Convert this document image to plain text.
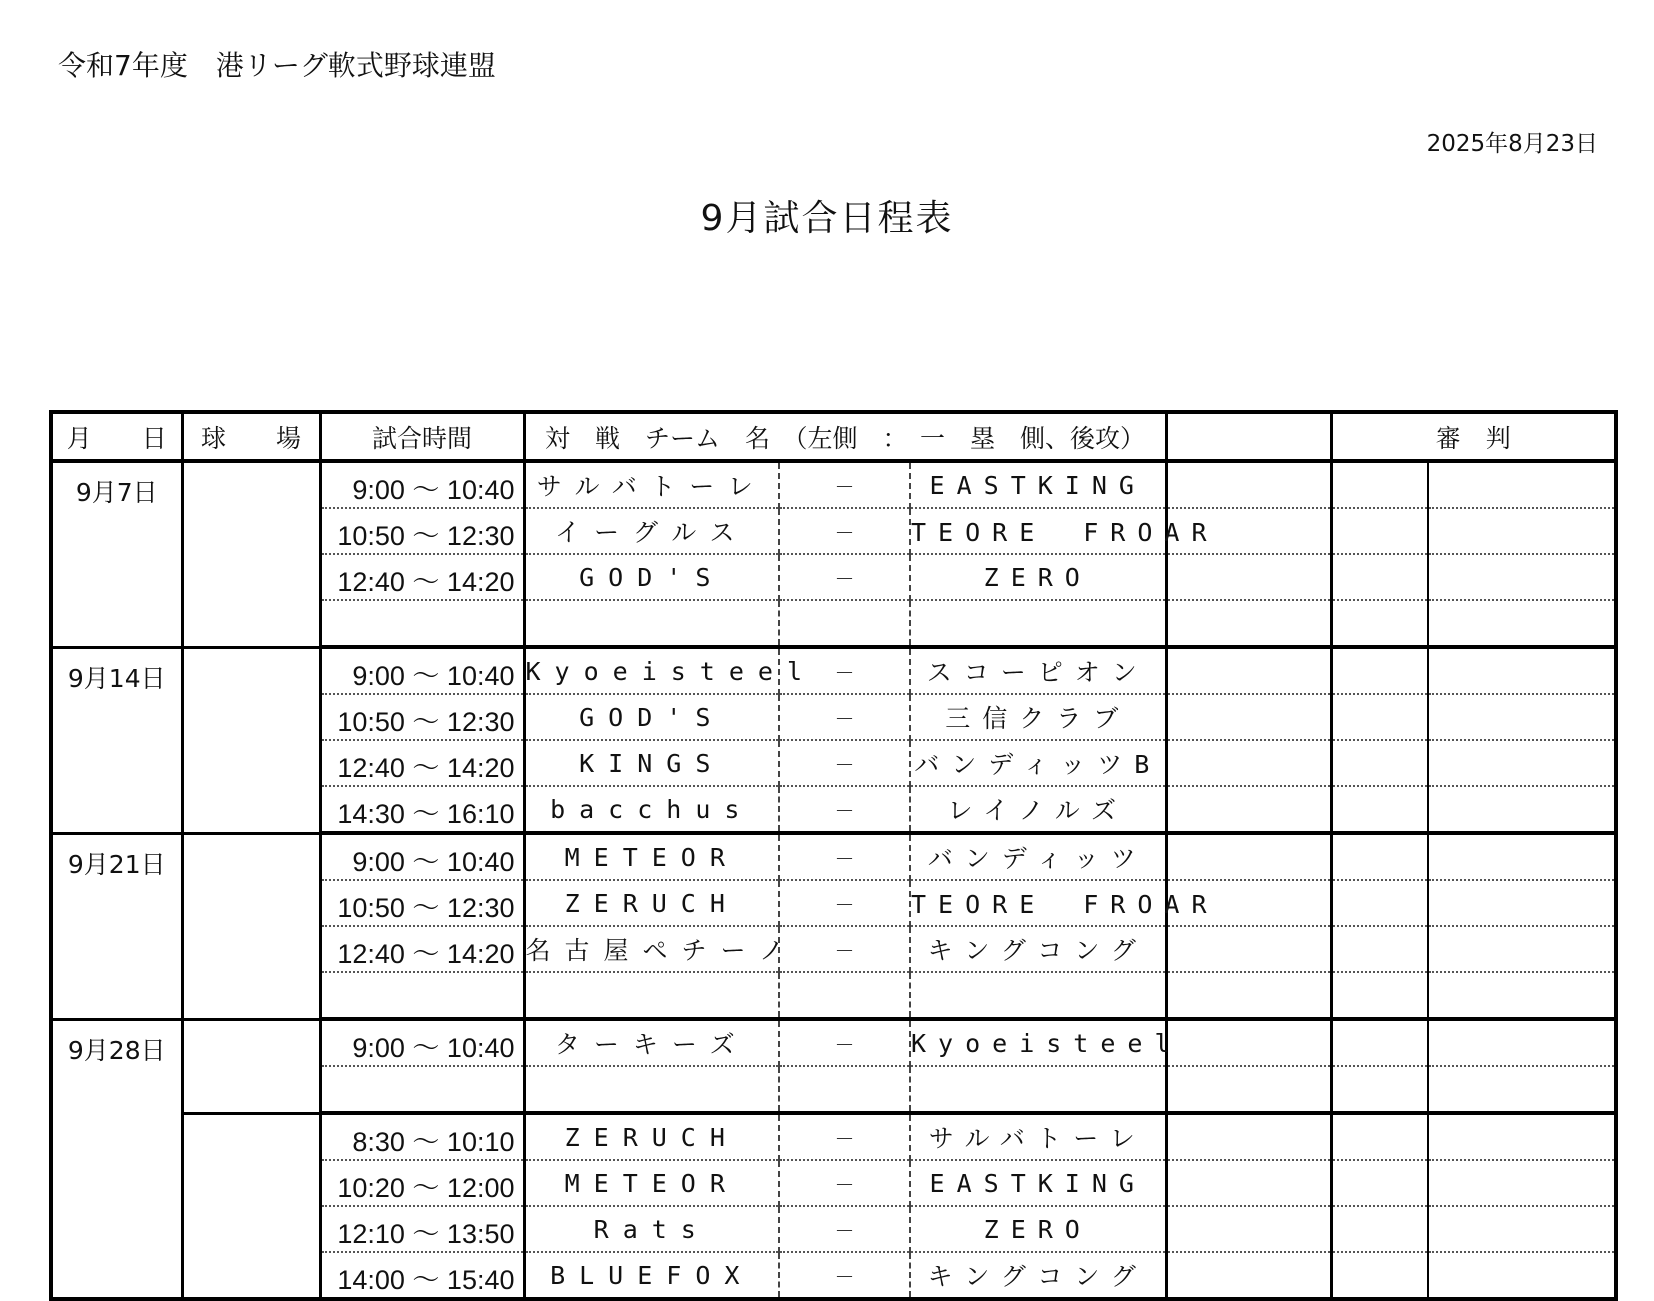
令和7年度　港リーグ軟式野球連盟
2025年8月23日
9月試合日程表
月　　日	球　　場	試合時間	対　戦　チーム　名　（左側　：　一　塁　側、後攻）				審　判	
9月7日		9:00 ～ 10:40	サルバトーレ	－	EASTKING			
		10:50 ～ 12:30	イーグルス	－	TEORE　FROAR			
		12:40 ～ 14:20	GOD'S	－	ZERO			

9月14日		9:00 ～ 10:40	Kyoeisteel	－	スコーピオン			
		10:50 ～ 12:30	GOD'S	－	三信クラブ			
		12:40 ～ 14:20	KINGS	－	バンディッツB			
		14:30 ～ 16:10	bacchus	－	レイノルズ			
9月21日		9:00 ～ 10:40	METEOR	－	バンディッツ			
		10:50 ～ 12:30	ZERUCH	－	TEORE　FROAR			
		12:40 ～ 14:20	名古屋ペチーノ	－	キングコング			

9月28日		9:00 ～ 10:40	ターキーズ	－	Kyoeisteel			

		8:30 ～ 10:10	ZERUCH	－	サルバトーレ			
		10:20 ～ 12:00	METEOR	－	EASTKING			
		12:10 ～ 13:50	Rats	－	ZERO			
		14:00 ～ 15:40	BLUEFOX	－	キングコング			
